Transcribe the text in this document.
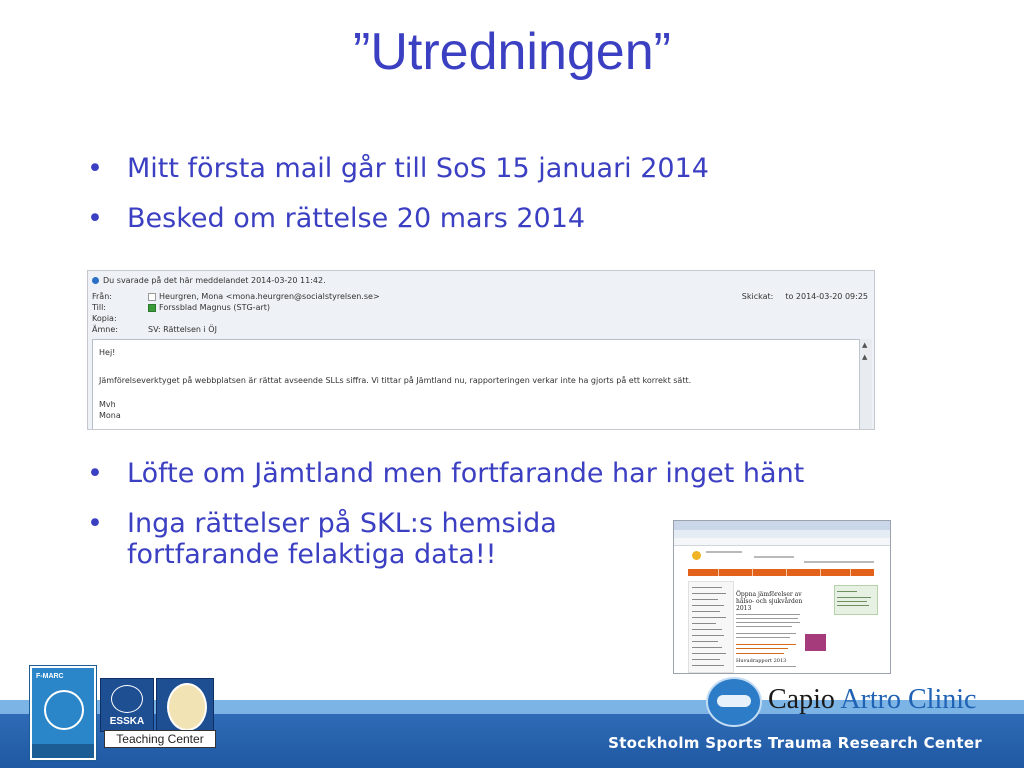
”Utredningen”
• Mitt första mail går till SoS 15 januari 2014
• Besked om rättelse 20 mars 2014
Du svarade på det här meddelandet 2014-03-20 11:42.
Från:	Heurgren, Mona <mona.heurgren@socialstyrelsen.se>
Till:	Forssblad Magnus (STG-art)
Kopia:
Ämne:	SV: Rättelsen i ÖJ
Skickat: to 2014-03-20 09:25

Hej!

Jämförelseverktyget på webbplatsen är rättat avseende SLLs siffra. Vi tittar på Jämtland nu, rapporteringen verkar inte ha gjorts på ett korrekt sätt.

Mvh

Mona

▲
▲
• Löfte om Jämtland men fortfarande har inget hänt
• Inga rättelser på SKL:s hemsida fortfarande felaktiga data!!
Öppna jämförelser av hälso- och sjukvården 2013
Huvudrapport 2013
Stockholm Sports Trauma Research Center
F-MARC
ESSKA
Teaching Center
Capio Artro Clinic
